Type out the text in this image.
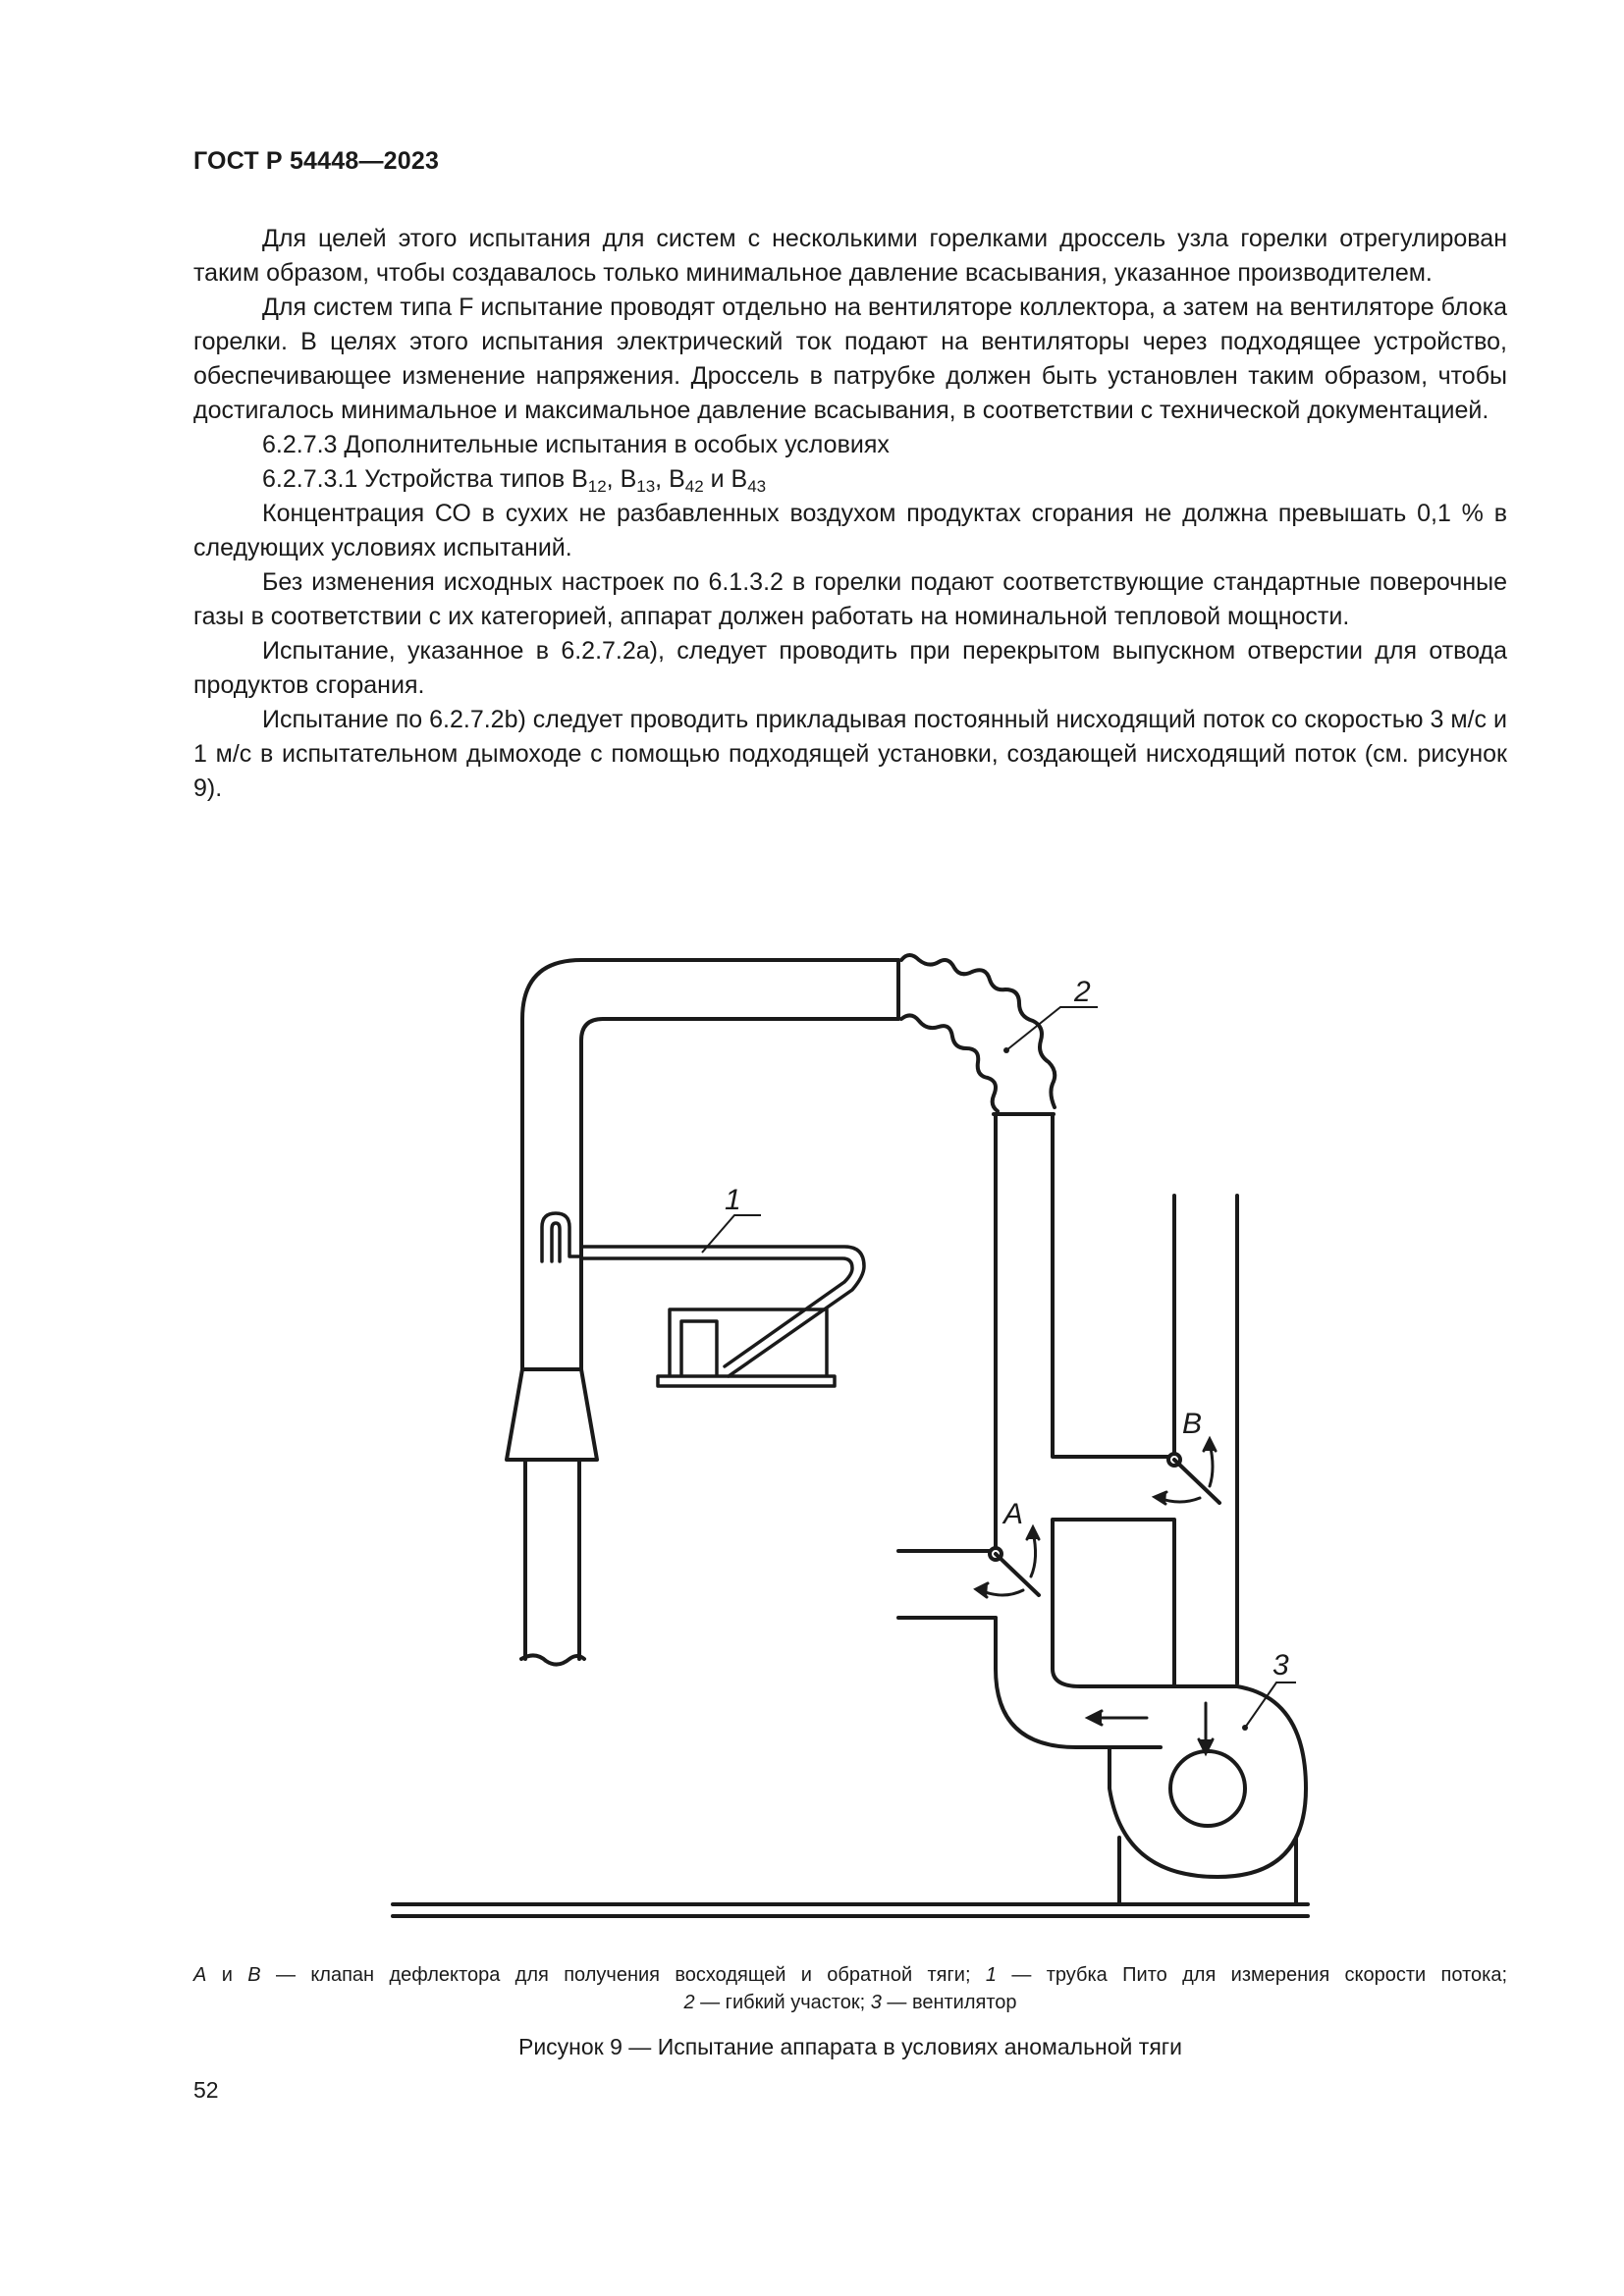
ГОСТ Р 54448—2023

Для целей этого испытания для систем с несколькими горелками дроссель узла горелки отрегулирован таким образом, чтобы создавалось только минимальное давление всасывания, указанное производителем.

Для систем типа F испытание проводят отдельно на вентиляторе коллектора, а затем на вентиляторе блока горелки. В целях этого испытания электрический ток подают на вентиляторы через подходящее устройство, обеспечивающее изменение напряжения. Дроссель в патрубке должен быть установлен таким образом, чтобы достигалось минимальное и максимальное давление всасывания, в соответствии с технической документацией.

6.2.7.3 Дополнительные испытания в особых условиях

6.2.7.3.1 Устройства типов $В_{12}$, $В_{13}$, $В_{42}$ и $В_{43}$

Концентрация СО в сухих не разбавленных воздухом продуктах сгорания не должна превышать 0,1 % в следующих условиях испытаний.

Без изменения исходных настроек по 6.1.3.2 в горелки подают соответствующие стандартные поверочные газы в соответствии с их категорией, аппарат должен работать на номинальной тепловой мощности.

Испытание, указанное в 6.2.7.2a), следует проводить при перекрытом выпускном отверстии для отвода продуктов сгорания.

Испытание по 6.2.7.2b) следует проводить прикладывая постоянный нисходящий поток со скоростью 3 м/с и 1 м/с в испытательном дымоходе с помощью подходящей установки, создающей нисходящий поток (см. рисунок 9).

1
2
3
A
B
A и B — клапан дефлектора для получения восходящей и обратной тяги; 1 — трубка Пито для измерения скорости потока;
2 — гибкий участок; 3 — вентилятор
Рисунок 9 — Испытание аппарата в условиях аномальной тяги
52
